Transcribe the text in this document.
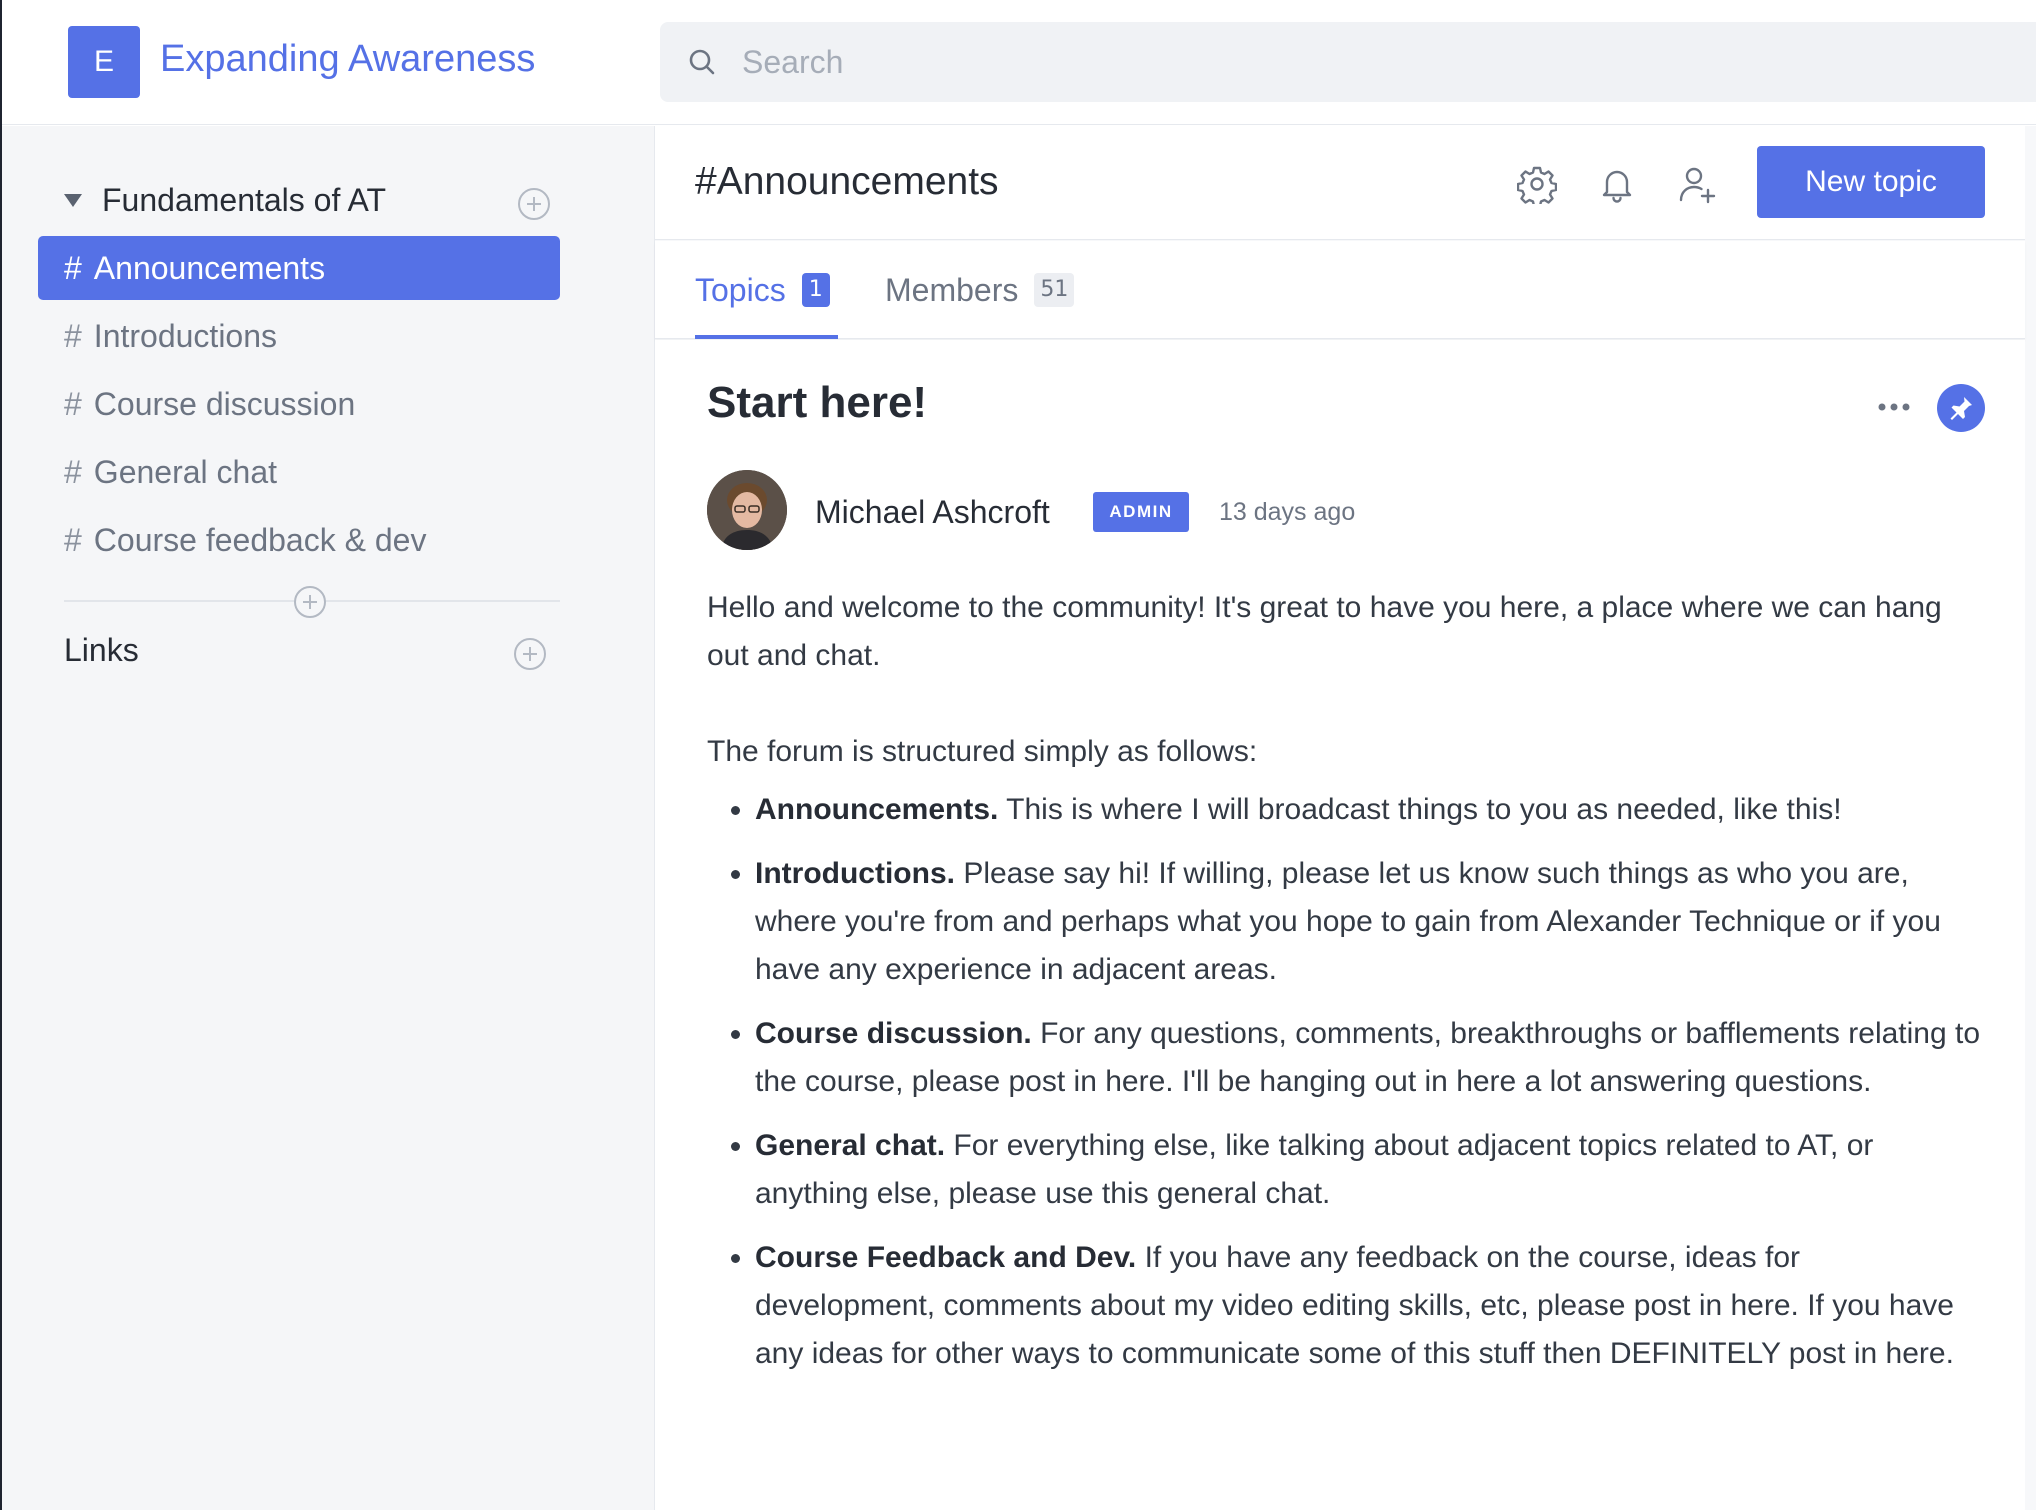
E Expanding Awareness
Search
Fundamentals of AT
# Announcements
# Introductions
# Course discussion
# General chat
# Course feedback & dev
Links
#Announcements	New topic
Topics	1 Members 51
Start here!
Michael Ashcroft	ADMIN	13 days ago

Hello and welcome to the community! It's great to have you here, a place where we can hang out and chat.

The forum is structured simply as follows:

• Announcements. This is where I will broadcast things to you as needed, like this!
• Introductions. Please say hi! If willing, please let us know such things as who you are, where you're from and perhaps what you hope to gain from Alexander Technique or if you have any experience in adjacent areas.
• Course discussion. For any questions, comments, breakthroughs or bafflements relating to the course, please post in here. I'll be hanging out in here a lot answering questions.
• General chat. For everything else, like talking about adjacent topics related to AT, or anything else, please use this general chat.
• Course Feedback and Dev. If you have any feedback on the course, ideas for development, comments about my video editing skills, etc, please post in here. If you have any ideas for other ways to communicate some of this stuff then DEFINITELY post in here.
